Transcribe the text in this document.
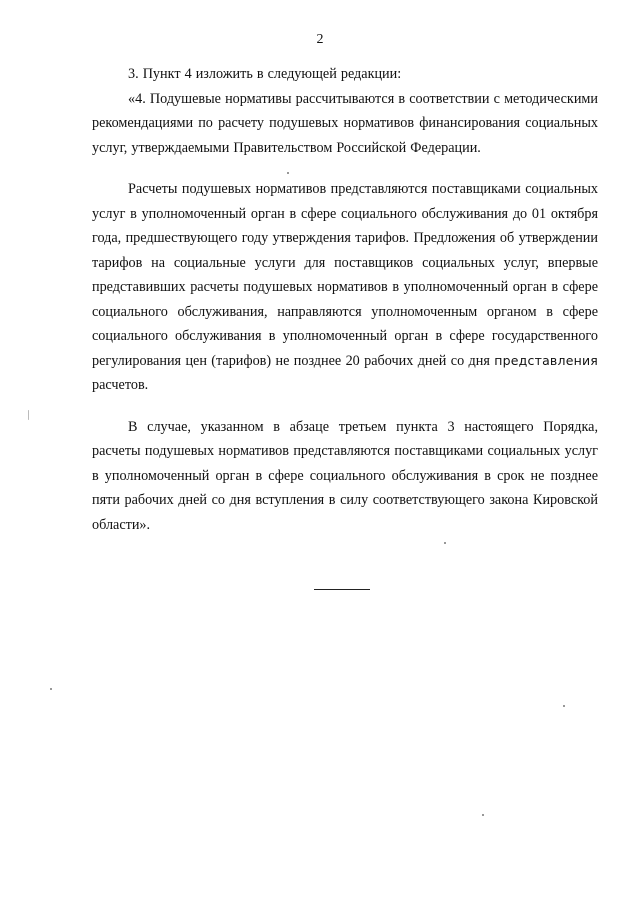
2

3. Пункт 4 изложить в следующей редакции:

«4. Подушевые нормативы рассчитываются в соответствии с методическими рекомендациями по расчету подушевых нормативов финансирования социальных услуг, утверждаемыми Правительством Российской Федерации.

Расчеты подушевых нормативов представляются поставщиками социальных услуг в уполномоченный орган в сфере социального обслуживания до 01 октября года, предшествующего году утверждения тарифов. Предложения об утверждении тарифов на социальные услуги для поставщиков социальных услуг, впервые представивших расчеты подушевых нормативов в уполномоченный орган в сфере социального обслуживания, направляются уполномоченным органом в сфере социального обслуживания в уполномоченный орган в сфере государственного регулирования цен (тарифов) не позднее 20 рабочих дней со дня представления расчетов.

В случае, указанном в абзаце третьем пункта 3 настоящего Порядка, расчеты подушевых нормативов представляются поставщиками социальных услуг в уполномоченный орган в сфере социального обслуживания в срок не позднее пяти рабочих дней со дня вступления в силу соответствующего закона Кировской области».
